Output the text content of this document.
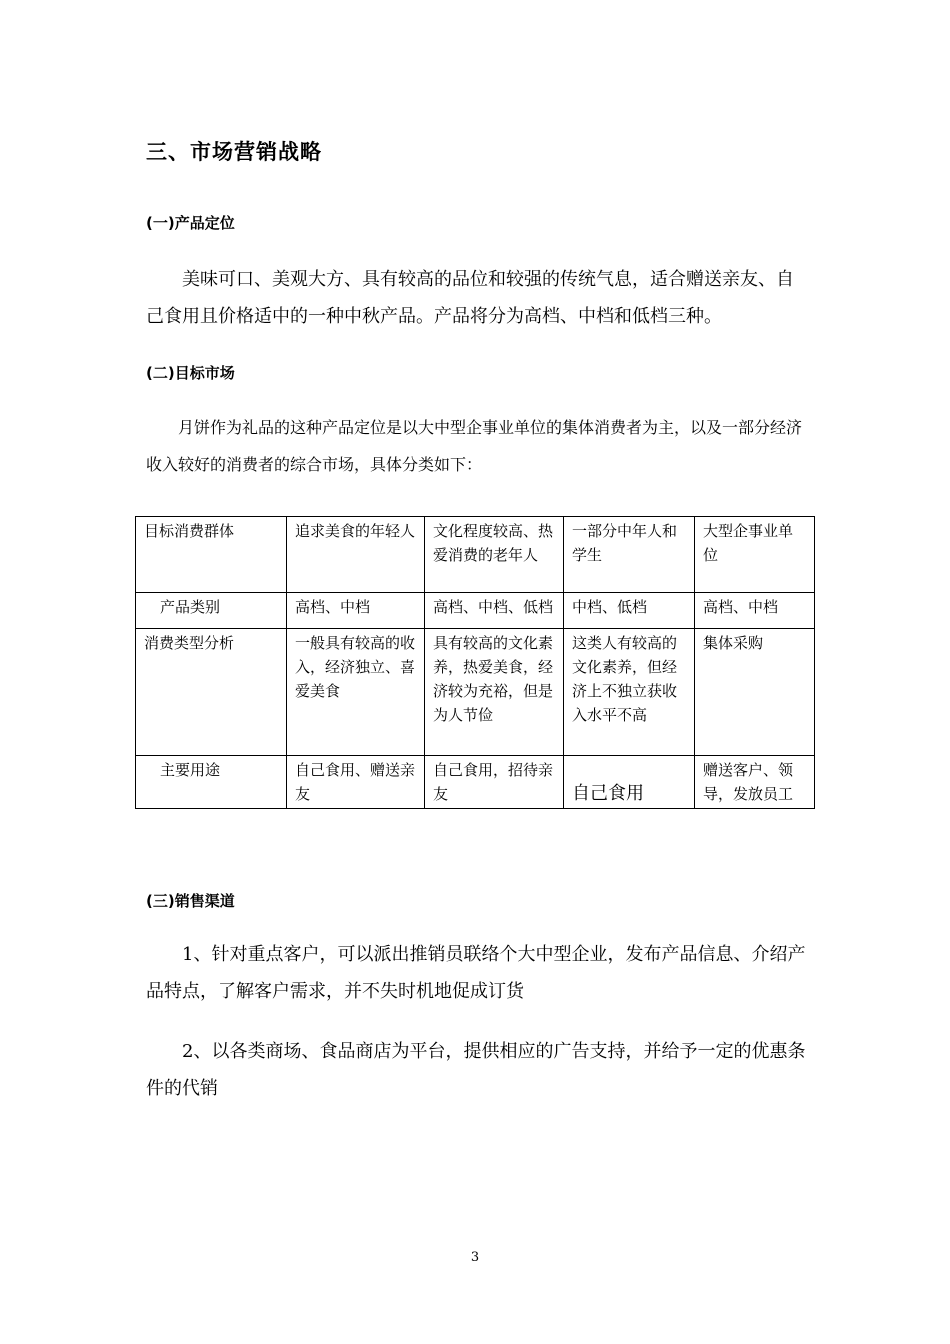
三、市场营销战略
(一)产品定位
美味可口、美观大方、具有较高的品位和较强的传统气息，适合赠送亲友、自己食用且价格适中的一种中秋产品。产品将分为高档、中档和低档三种。
(二)目标市场
月饼作为礼品的这种产品定位是以大中型企事业单位的集体消费者为主，以及一部分经济收入较好的消费者的综合市场，具体分类如下：
目标消费群体	追求美食的年轻人	文化程度较高、热爱消费的老年人	一部分中年人和学生	大型企事业单位
产品类别	高档、中档	高档、中档、低档	中档、低档	高档、中档
消费类型分析	一般具有较高的收入，经济独立、喜爱美食	具有较高的文化素养，热爱美食，经济较为充裕，但是为人节俭	这类人有较高的文化素养，但经济上不独立获收入水平不高	集体采购
主要用途	自己食用、赠送亲友	自己食用，招待亲友	自己食用	赠送客户、领导，发放员工
(三)销售渠道
1、针对重点客户，可以派出推销员联络个大中型企业，发布产品信息、介绍产品特点，了解客户需求，并不失时机地促成订货
2、以各类商场、食品商店为平台，提供相应的广告支持，并给予一定的优惠条件的代销
3
